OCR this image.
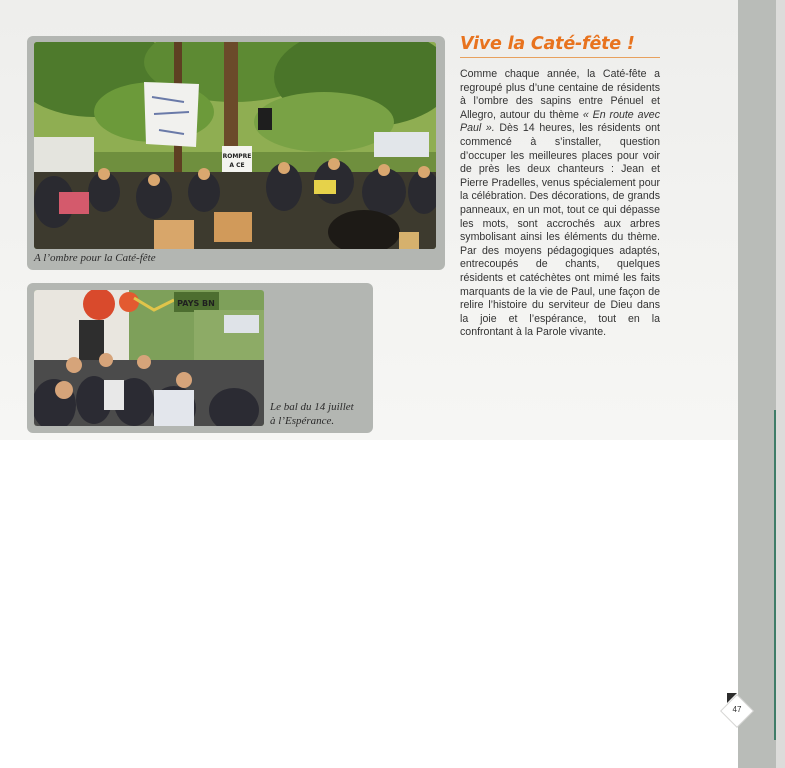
ROMPRE
A CE
A l’ombre pour la Caté-fête
PAYS BN
Le bal du 14 juillet
à l’Espérance.
Vive la Caté-fête !

Comme chaque année, la Caté-fête a regroupé plus d’une centaine de résidents à l’ombre des sapins entre Pénuel et Allegro, autour du thème « En route avec Paul ». Dès 14 heures, les résidents ont commencé à s’installer, question d’occuper les meilleures places pour voir de près les deux chanteurs : Jean et Pierre Pradelles, venus spécialement pour la célébration. Des décorations, de grands panneaux, en un mot, tout ce qui dépasse les mots, sont accrochés aux arbres symbolisant ainsi les éléments du thème. Par des moyens pédagogiques adaptés, entrecoupés de chants, quelques résidents et catéchètes ont mimé les faits marquants de la vie de Paul, une façon de relire l’histoire du serviteur de Dieu dans la joie et l’espérance, tout en la confrontant à la Parole vivante.

47
